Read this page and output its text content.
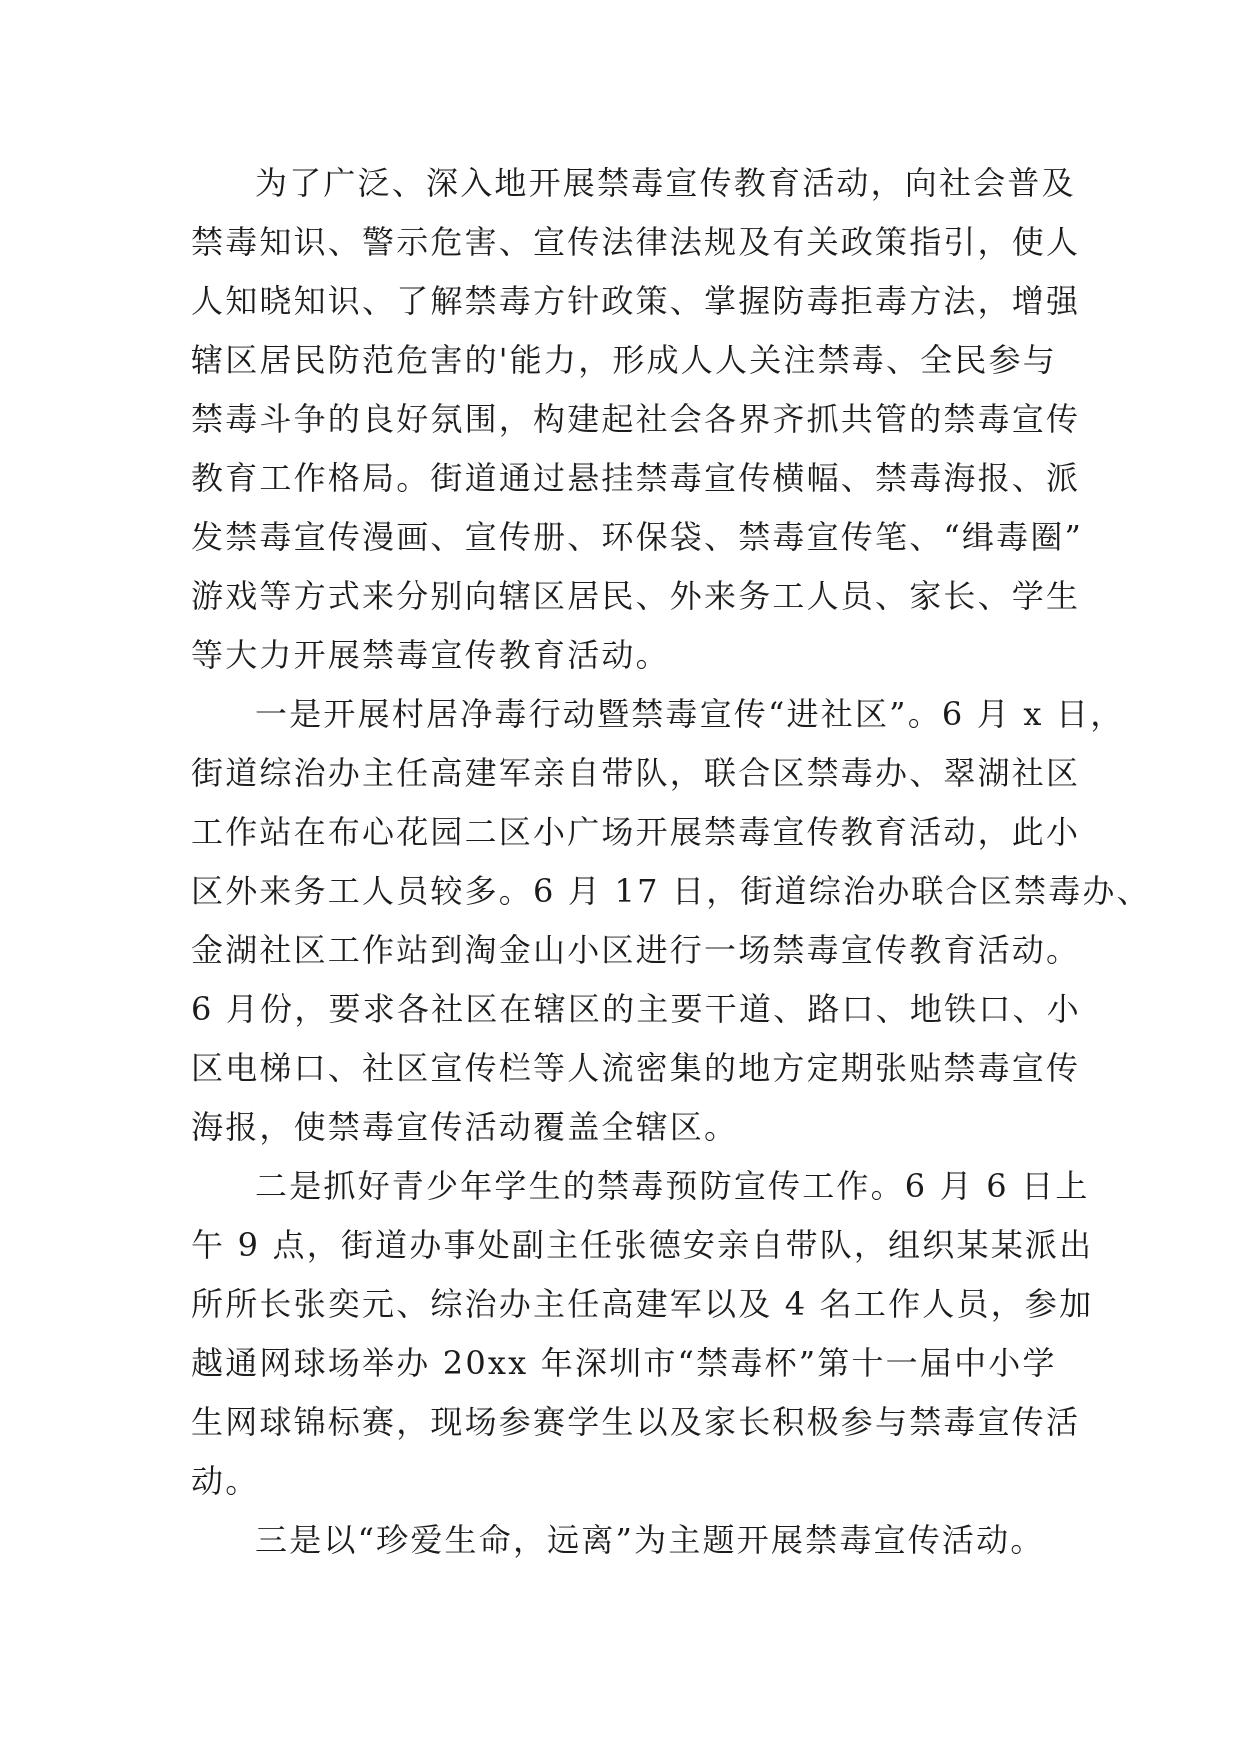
为了广泛、深入地开展禁毒宣传教育活动，向社会普及
禁毒知识、警示危害、宣传法律法规及有关政策指引，使人
人知晓知识、了解禁毒方针政策、掌握防毒拒毒方法，增强
辖区居民防范危害的'能力，形成人人关注禁毒、全民参与
禁毒斗争的良好氛围，构建起社会各界齐抓共管的禁毒宣传
教育工作格局。街道通过悬挂禁毒宣传横幅、禁毒海报、派
发禁毒宣传漫画、宣传册、环保袋、禁毒宣传笔、“缉毒圈”
游戏等方式来分别向辖区居民、外来务工人员、家长、学生
等大力开展禁毒宣传教育活动。
一是开展村居净毒行动暨禁毒宣传“进社区”。6 月 x 日，
街道综治办主任高建军亲自带队，联合区禁毒办、翠湖社区
工作站在布心花园二区小广场开展禁毒宣传教育活动，此小
区外来务工人员较多。6 月 17 日，街道综治办联合区禁毒办、
金湖社区工作站到淘金山小区进行一场禁毒宣传教育活动。
6 月份，要求各社区在辖区的主要干道、路口、地铁口、小
区电梯口、社区宣传栏等人流密集的地方定期张贴禁毒宣传
海报，使禁毒宣传活动覆盖全辖区。
二是抓好青少年学生的禁毒预防宣传工作。6 月 6 日上
午 9 点，街道办事处副主任张德安亲自带队，组织某某派出
所所长张奕元、综治办主任高建军以及 4 名工作人员，参加
越通网球场举办 20xx 年深圳市“禁毒杯”第十一届中小学
生网球锦标赛，现场参赛学生以及家长积极参与禁毒宣传活
动。
三是以“珍爱生命，远离”为主题开展禁毒宣传活动。
